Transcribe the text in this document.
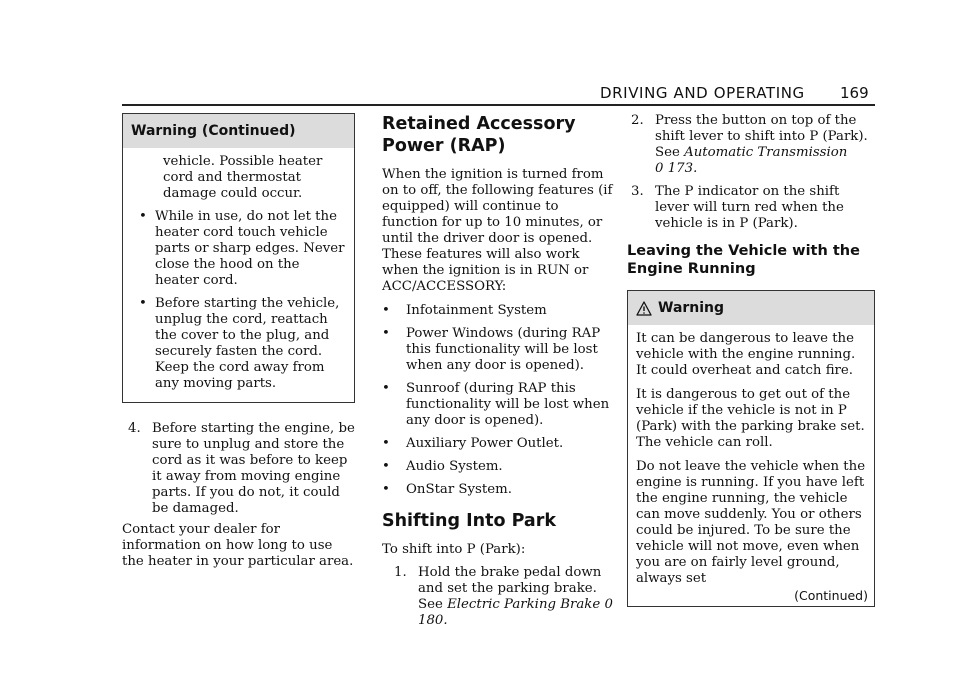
DRIVING AND OPERATING 169
Warning (Continued)

vehicle. Possible heater cord and thermostat damage could occur.

• While in use, do not let the heater cord touch vehicle parts or sharp edges. Never close the hood on the heater cord.
• Before starting the vehicle, unplug the cord, reattach the cover to the plug, and securely fasten the cord. Keep the cord away from any moving parts.
4. Before starting the engine, be sure to unplug and store the cord as it was before to keep it away from moving engine parts. If you do not, it could be damaged.

Contact your dealer for information on how long to use the heater in your particular area.

Retained Accessory Power (RAP)

When the ignition is turned from on to off, the following features (if equipped) will continue to function for up to 10 minutes, or until the driver door is opened. These features will also work when the ignition is in RUN or ACC/ACCESSORY:

•	Infotainment System
•	Power Windows (during RAP this functionality will be lost when any door is opened).
•	Sunroof (during RAP this functionality will be lost when any door is opened).
•	Auxiliary Power Outlet.
•	Audio System.
•	OnStar System.
Shifting Into Park

To shift into P (Park):

1. Hold the brake pedal down and set the parking brake. See Electric Parking Brake 0 180.
2. Press the button on top of the shift lever to shift into P (Park). See Automatic Transmission
0 173.
3. The P indicator on the shift lever will turn red when the vehicle is in P (Park).
Leaving the Vehicle with the Engine Running
Warning

It can be dangerous to leave the vehicle with the engine running. It could overheat and catch fire.

It is dangerous to get out of the vehicle if the vehicle is not in P (Park) with the parking brake set. The vehicle can roll.

Do not leave the vehicle when the engine is running. If you have left the engine running, the vehicle can move suddenly. You or others could be injured. To be sure the vehicle will not move, even when you are on fairly level ground, always set

(Continued)
